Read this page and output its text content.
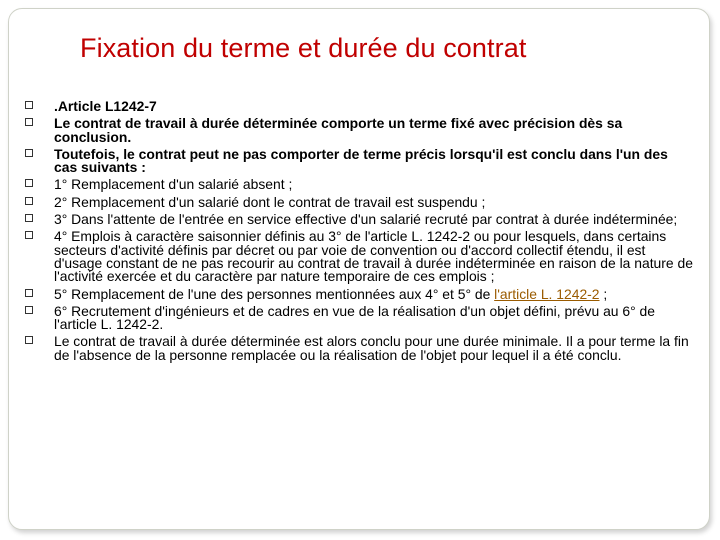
Fixation du terme et durée du contrat
.Article L1242-7
Le contrat de travail à durée déterminée comporte un terme fixé avec précision dès sa conclusion.
Toutefois, le contrat peut ne pas comporter de terme précis lorsqu'il est conclu dans l'un des cas suivants :
1° Remplacement d'un salarié absent ;
2° Remplacement d'un salarié dont le contrat de travail est suspendu ;
3° Dans l'attente de l'entrée en service effective d'un salarié recruté par contrat à durée indéterminée;
4° Emplois à caractère saisonnier définis au 3° de l'article L. 1242-2 ou pour lesquels, dans certains secteurs d'activité définis par décret ou par voie de convention ou d'accord collectif étendu, il est d'usage constant de ne pas recourir au contrat de travail à durée indéterminée en raison de la nature de l'activité exercée et du caractère par nature temporaire de ces emplois ;
5° Remplacement de l'une des personnes mentionnées aux 4° et 5° de l'article L. 1242-2 ;
6° Recrutement d'ingénieurs et de cadres en vue de la réalisation d'un objet défini, prévu au 6° de l'article L. 1242-2.
Le contrat de travail à durée déterminée est alors conclu pour une durée minimale. Il a pour terme la fin de l'absence de la personne remplacée ou la réalisation de l'objet pour lequel il a été conclu.
